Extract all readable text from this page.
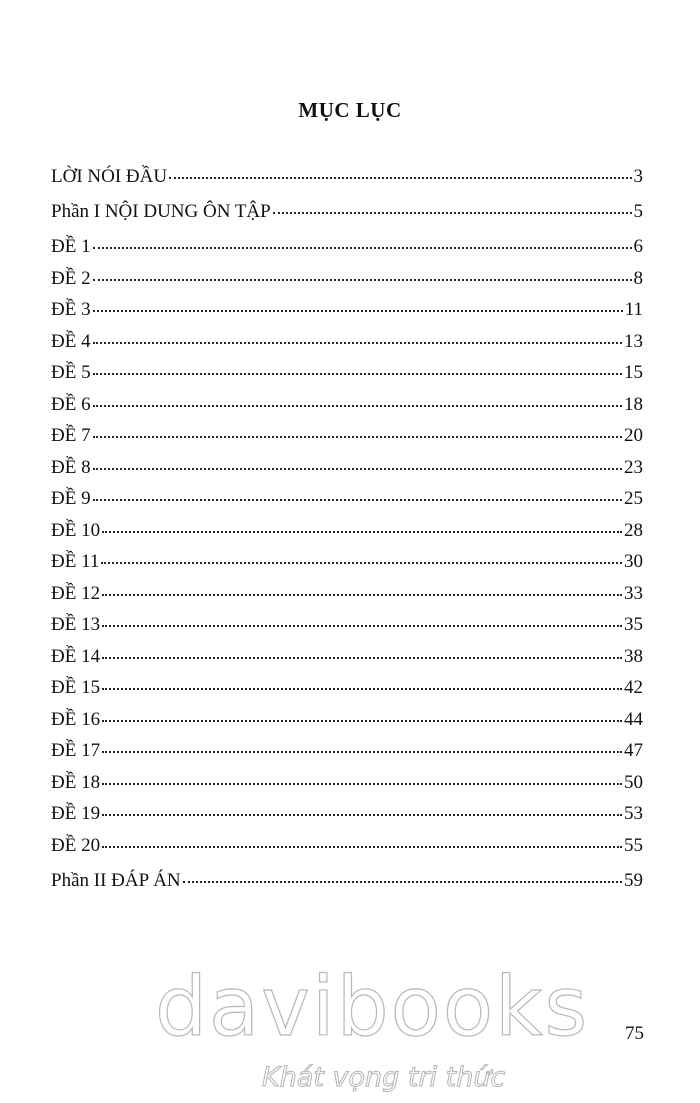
MỤC LỤC
LỜI NÓI ĐẦU	3
Phần I NỘI DUNG ÔN TẬP	5
ĐỀ 1	6
ĐỀ 2	8
ĐỀ 3	11
ĐỀ 4	13
ĐỀ 5	15
ĐỀ 6	18
ĐỀ 7	20
ĐỀ 8	23
ĐỀ 9	25
ĐỀ 10	28
ĐỀ 11	30
ĐỀ 12	33
ĐỀ 13	35
ĐỀ 14	38
ĐỀ 15	42
ĐỀ 16	44
ĐỀ 17	47
ĐỀ 18	50
ĐỀ 19	53
ĐỀ 20	55
Phần II ĐÁP ÁN	59
davibooks
Khát vọng tri thức
75
